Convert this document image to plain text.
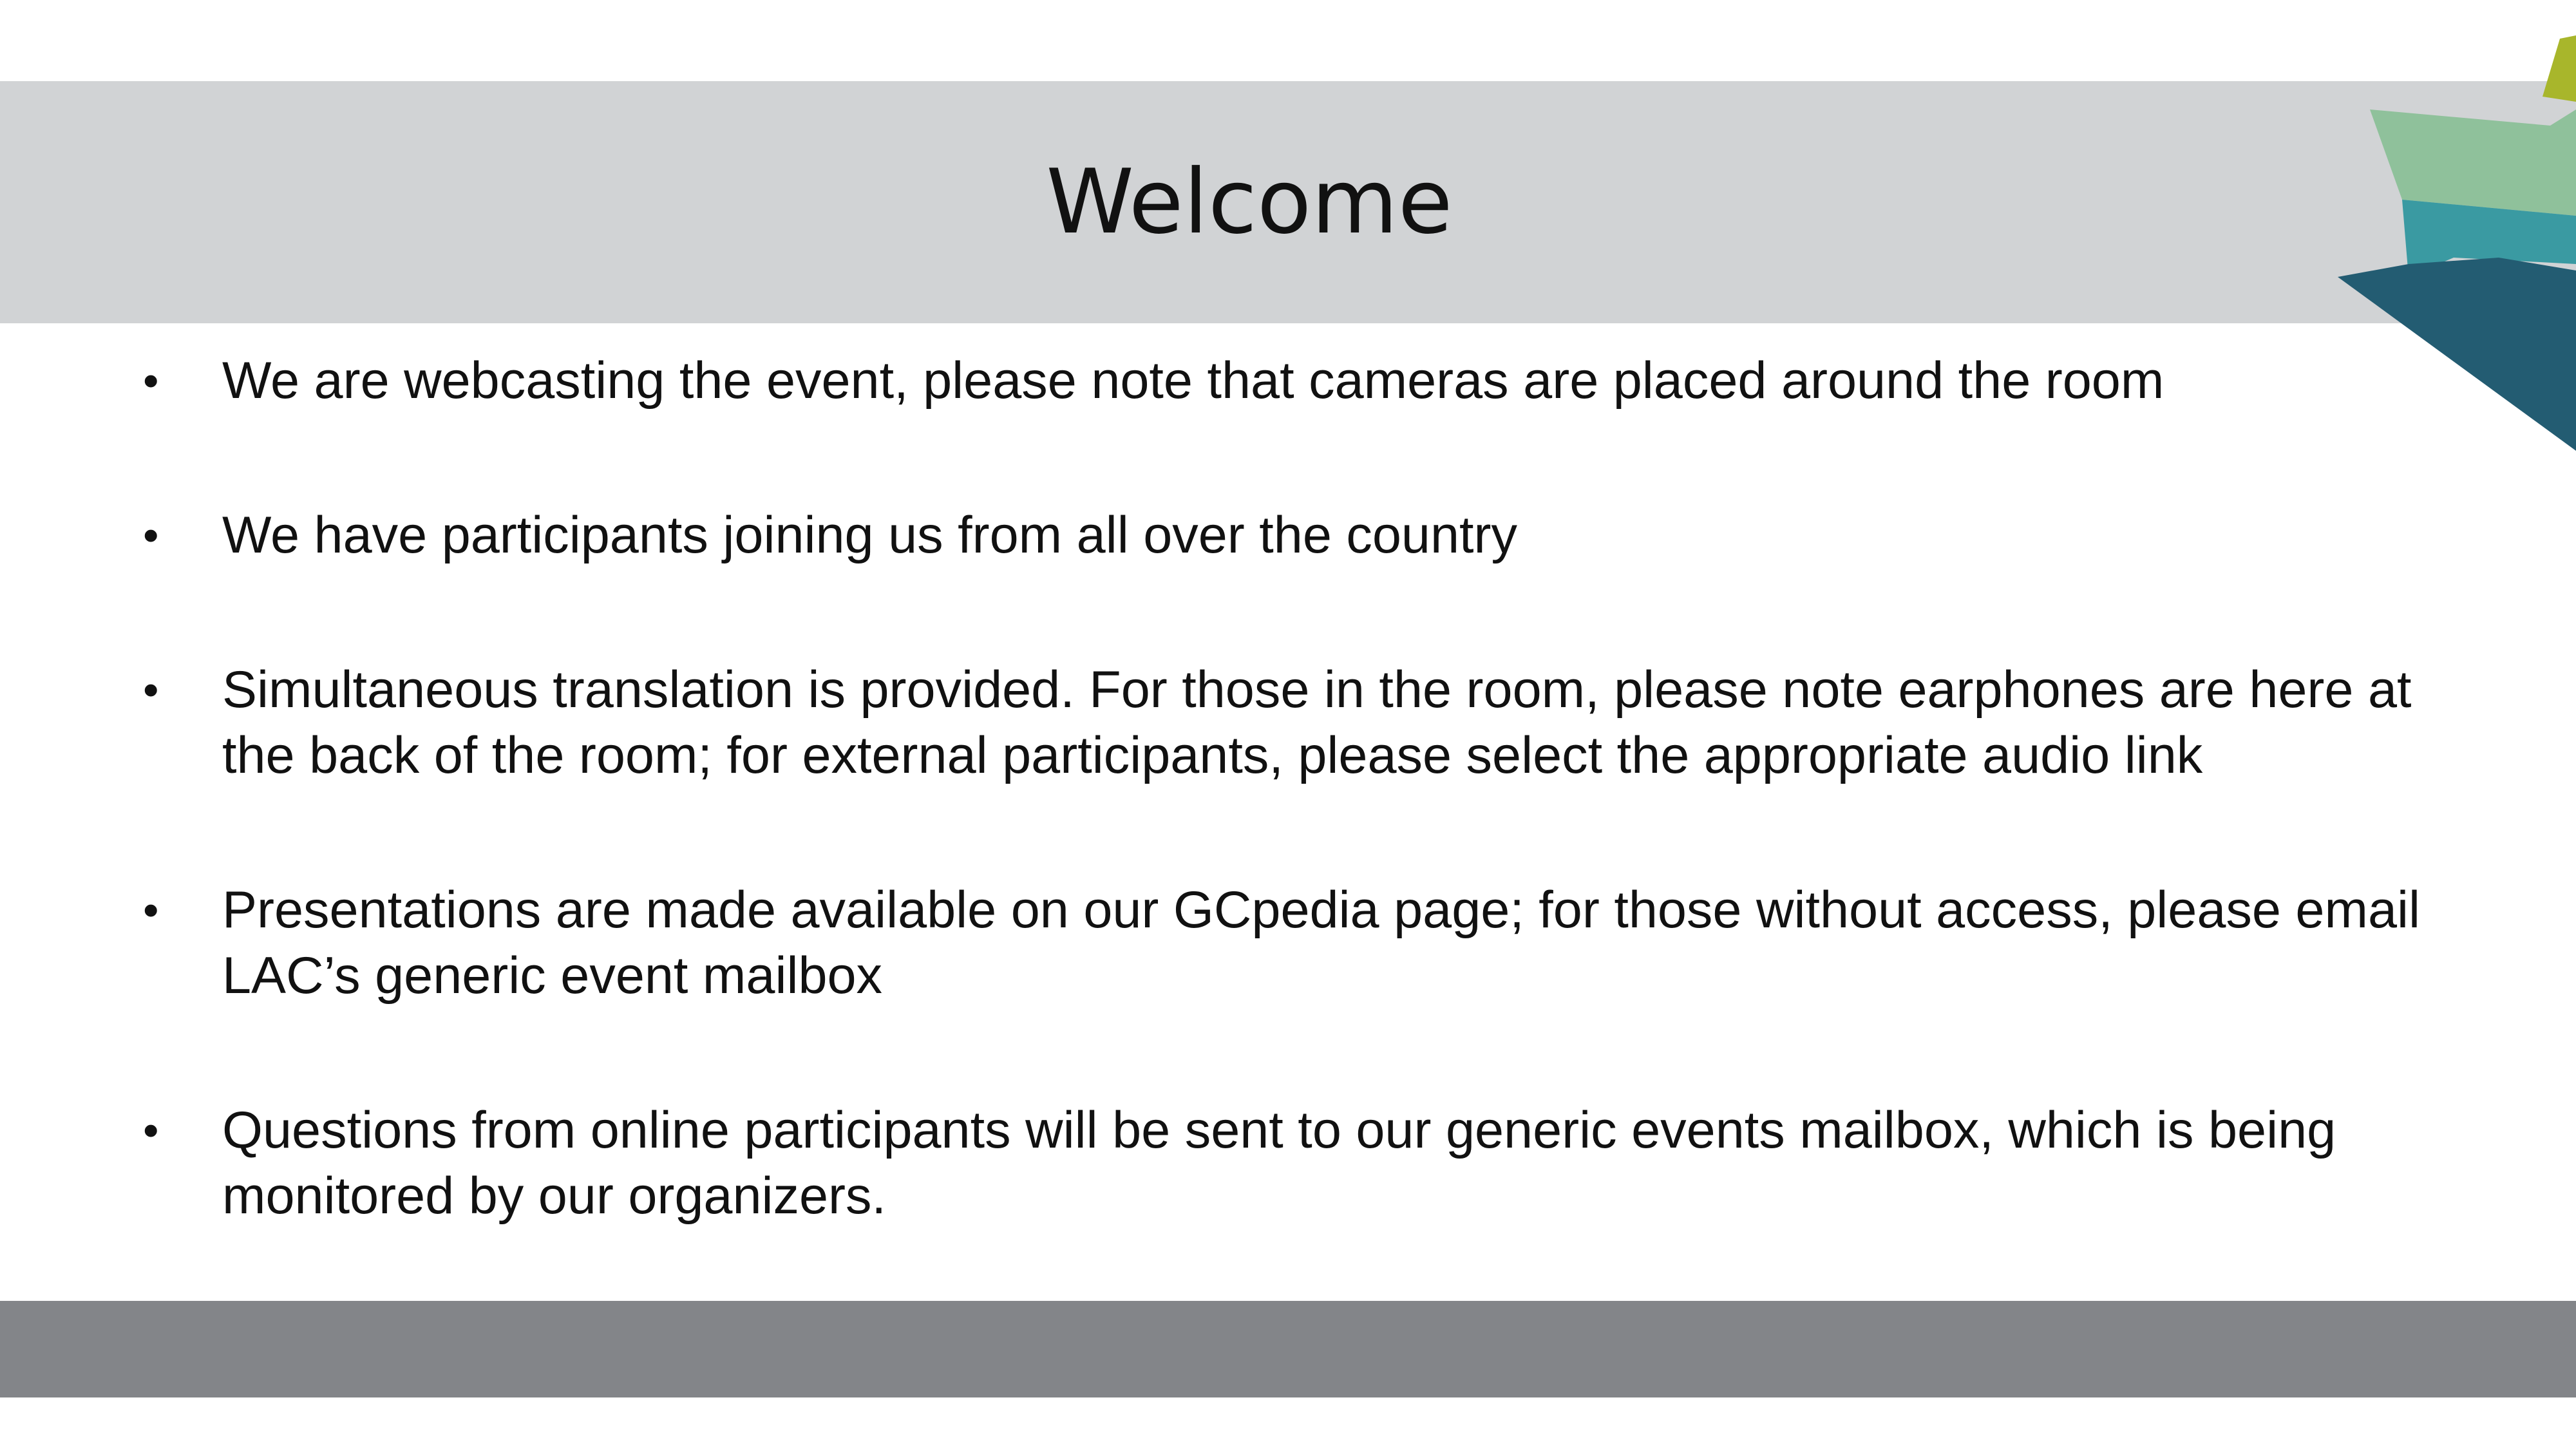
Welcome
• We are webcasting the event, please note that cameras are placed around the room
• We have participants joining us from all over the country
• Simultaneous translation is provided. For those in the room, please note earphones are here at the back of the room; for external participants, please select the appropriate audio link
• Presentations are made available on our GCpedia page; for those without access, please email LAC’s generic event mailbox
• Questions from online participants will be sent to our generic events mailbox, which is being monitored by our organizers.
